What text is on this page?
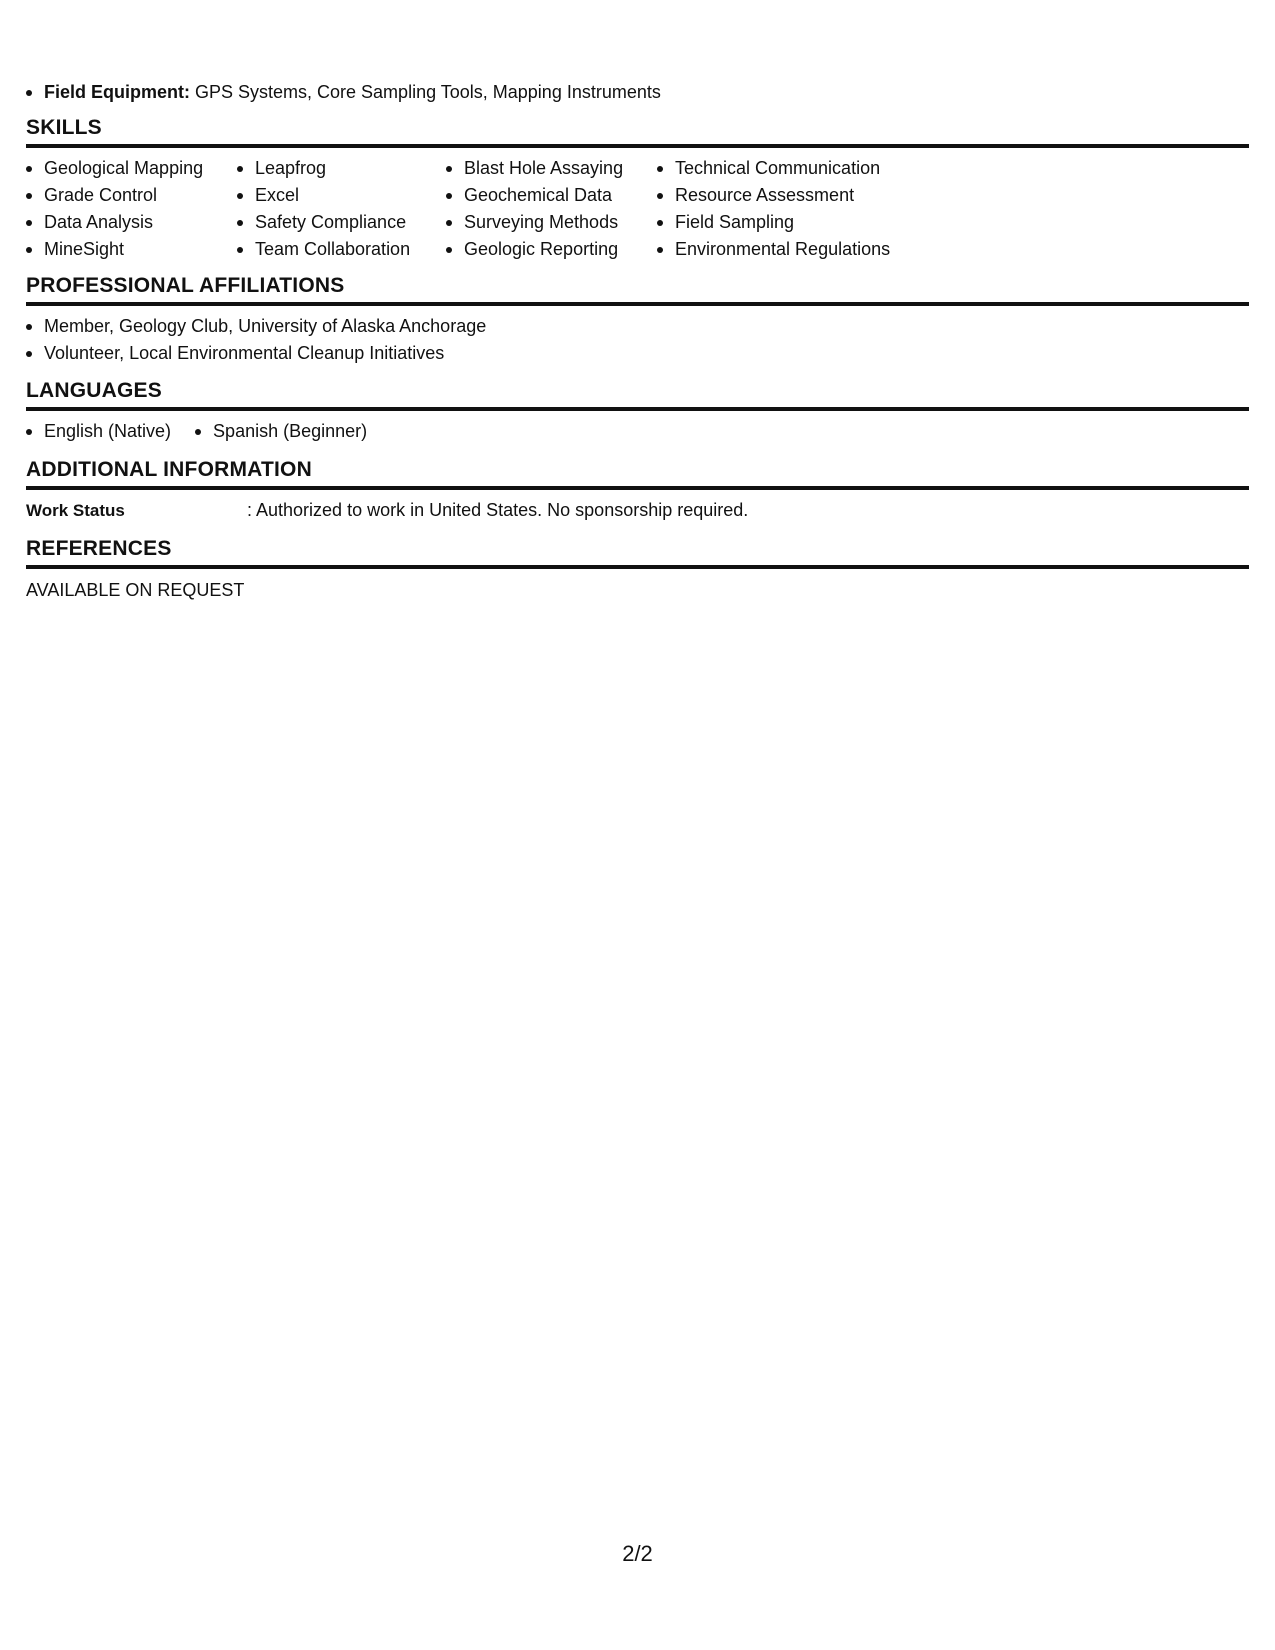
Field Equipment: GPS Systems, Core Sampling Tools, Mapping Instruments
SKILLS
Geological Mapping
Grade Control
Data Analysis
MineSight
Leapfrog
Excel
Safety Compliance
Team Collaboration
Blast Hole Assaying
Geochemical Data
Surveying Methods
Geologic Reporting
Technical Communication
Resource Assessment
Field Sampling
Environmental Regulations
PROFESSIONAL AFFILIATIONS
Member, Geology Club, University of Alaska Anchorage
Volunteer, Local Environmental Cleanup Initiatives
LANGUAGES
English (Native)	Spanish (Beginner)
ADDITIONAL INFORMATION
Work Status	: Authorized to work in United States. No sponsorship required.
REFERENCES
AVAILABLE ON REQUEST
2/2
